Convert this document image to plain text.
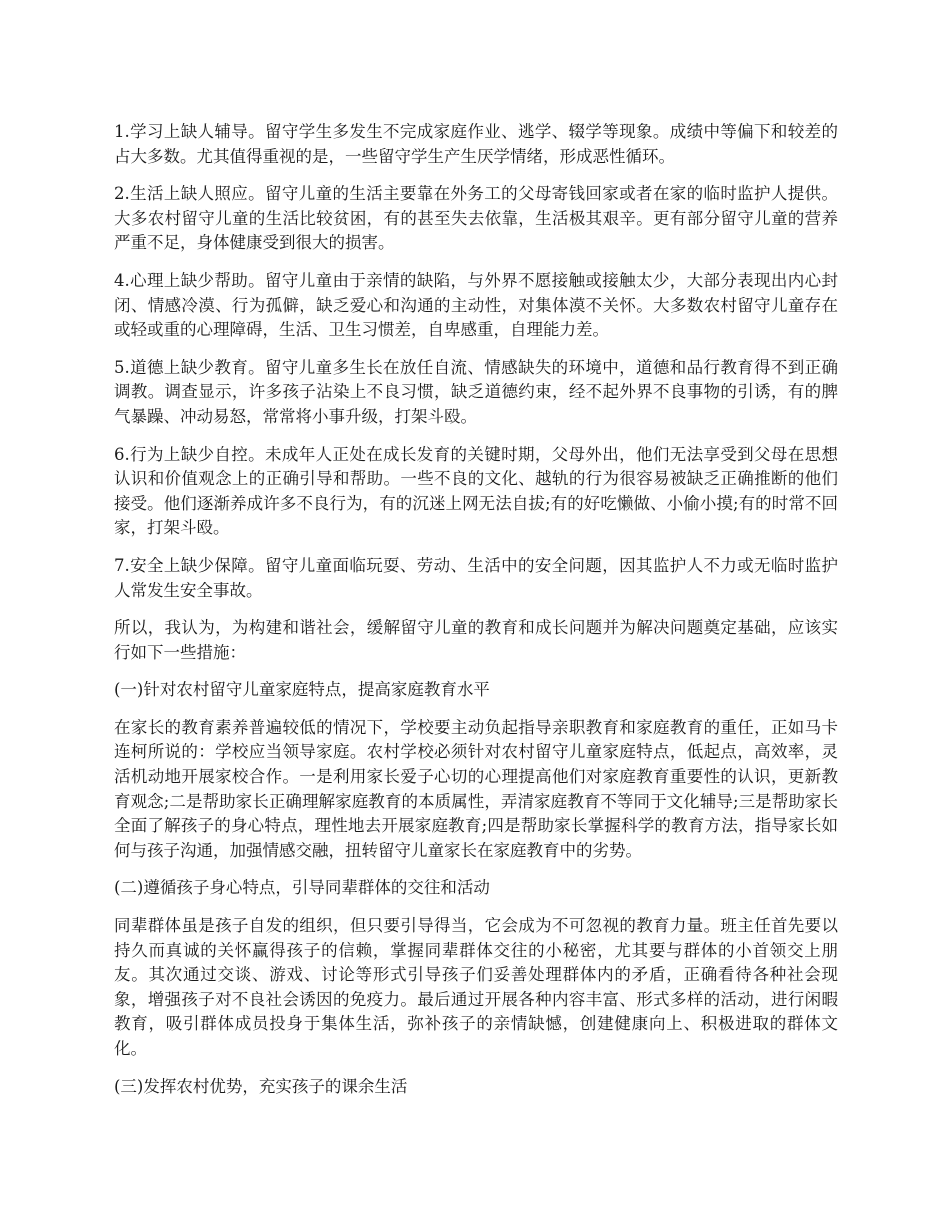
1.学习上缺人辅导。留守学生多发生不完成家庭作业、逃学、辍学等现象。成绩中等偏下和较差的占大多数。尤其值得重视的是，一些留守学生产生厌学情绪，形成恶性循环。

2.生活上缺人照应。留守儿童的生活主要靠在外务工的父母寄钱回家或者在家的临时监护人提供。大多农村留守儿童的生活比较贫困，有的甚至失去依靠，生活极其艰辛。更有部分留守儿童的营养严重不足，身体健康受到很大的损害。

4.心理上缺少帮助。留守儿童由于亲情的缺陷，与外界不愿接触或接触太少，大部分表现出内心封闭、情感冷漠、行为孤僻，缺乏爱心和沟通的主动性，对集体漠不关怀。大多数农村留守儿童存在或轻或重的心理障碍，生活、卫生习惯差，自卑感重，自理能力差。

5.道德上缺少教育。留守儿童多生长在放任自流、情感缺失的环境中，道德和品行教育得不到正确调教。调查显示，许多孩子沾染上不良习惯，缺乏道德约束，经不起外界不良事物的引诱，有的脾气暴躁、冲动易怒，常常将小事升级，打架斗殴。

6.行为上缺少自控。未成年人正处在成长发育的关键时期，父母外出，他们无法享受到父母在思想认识和价值观念上的正确引导和帮助。一些不良的文化、越轨的行为很容易被缺乏正确推断的他们接受。他们逐渐养成许多不良行为，有的沉迷上网无法自拔;有的好吃懒做、小偷小摸;有的时常不回家，打架斗殴。

7.安全上缺少保障。留守儿童面临玩耍、劳动、生活中的安全问题，因其监护人不力或无临时监护人常发生安全事故。

所以，我认为，为构建和谐社会，缓解留守儿童的教育和成长问题并为解决问题奠定基础，应该实行如下一些措施：

(一)针对农村留守儿童家庭特点，提高家庭教育水平

在家长的教育素养普遍较低的情况下，学校要主动负起指导亲职教育和家庭教育的重任，正如马卡连柯所说的：学校应当领导家庭。农村学校必须针对农村留守儿童家庭特点，低起点，高效率，灵活机动地开展家校合作。一是利用家长爱子心切的心理提高他们对家庭教育重要性的认识，更新教育观念;二是帮助家长正确理解家庭教育的本质属性，弄清家庭教育不等同于文化辅导;三是帮助家长全面了解孩子的身心特点，理性地去开展家庭教育;四是帮助家长掌握科学的教育方法，指导家长如何与孩子沟通，加强情感交融，扭转留守儿童家长在家庭教育中的劣势。

(二)遵循孩子身心特点，引导同辈群体的交往和活动

同辈群体虽是孩子自发的组织，但只要引导得当，它会成为不可忽视的教育力量。班主任首先要以持久而真诚的关怀赢得孩子的信赖，掌握同辈群体交往的小秘密，尤其要与群体的小首领交上朋友。其次通过交谈、游戏、讨论等形式引导孩子们妥善处理群体内的矛盾，正确看待各种社会现象，增强孩子对不良社会诱因的免疫力。最后通过开展各种内容丰富、形式多样的活动，进行闲暇教育，吸引群体成员投身于集体生活，弥补孩子的亲情缺憾，创建健康向上、积极进取的群体文化。

(三)发挥农村优势，充实孩子的课余生活
